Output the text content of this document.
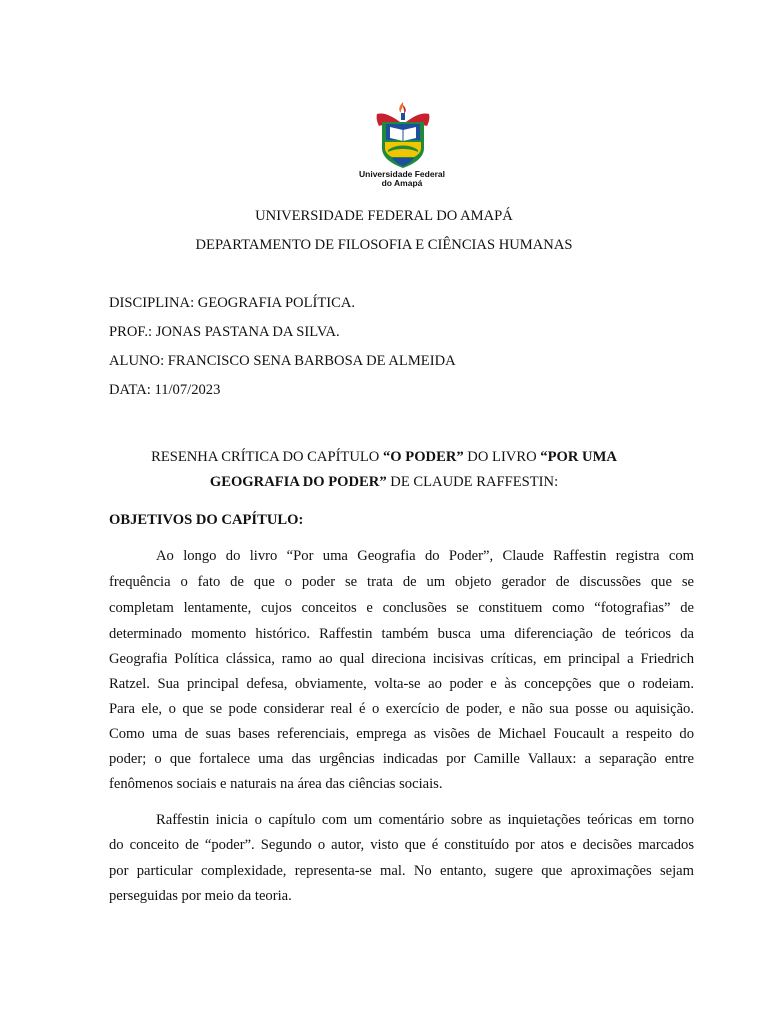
Universidade Federal
do Amapá
UNIVERSIDADE FEDERAL DO AMAPÁ
DEPARTAMENTO DE FILOSOFIA E CIÊNCIAS HUMANAS
DISCIPLINA: GEOGRAFIA POLÍTICA.
PROF.: JONAS PASTANA DA SILVA.
ALUNO: FRANCISCO SENA BARBOSA DE ALMEIDA
DATA: 11/07/2023
RESENHA CRÍTICA DO CAPÍTULO “O PODER” DO LIVRO “POR UMA
GEOGRAFIA DO PODER” DE CLAUDE RAFFESTIN:
OBJETIVOS DO CAPÍTULO:
Ao longo do livro “Por uma Geografia do Poder”, Claude Raffestin registra com
frequência o fato de que o poder se trata de um objeto gerador de discussões que se
completam lentamente, cujos conceitos e conclusões se constituem como “fotografias” de
determinado momento histórico. Raffestin também busca uma diferenciação de teóricos da
Geografia Política clássica, ramo ao qual direciona incisivas críticas, em principal a Friedrich
Ratzel. Sua principal defesa, obviamente, volta-se ao poder e às concepções que o rodeiam.
Para ele, o que se pode considerar real é o exercício de poder, e não sua posse ou aquisição.
Como uma de suas bases referenciais, emprega as visões de Michael Foucault a respeito do
poder; o que fortalece uma das urgências indicadas por Camille Vallaux: a separação entre
fenômenos sociais e naturais na área das ciências sociais.
Raffestin inicia o capítulo com um comentário sobre as inquietações teóricas em torno
do conceito de “poder”. Segundo o autor, visto que é constituído por atos e decisões marcados
por particular complexidade, representa-se mal. No entanto, sugere que aproximações sejam
perseguidas por meio da teoria.
